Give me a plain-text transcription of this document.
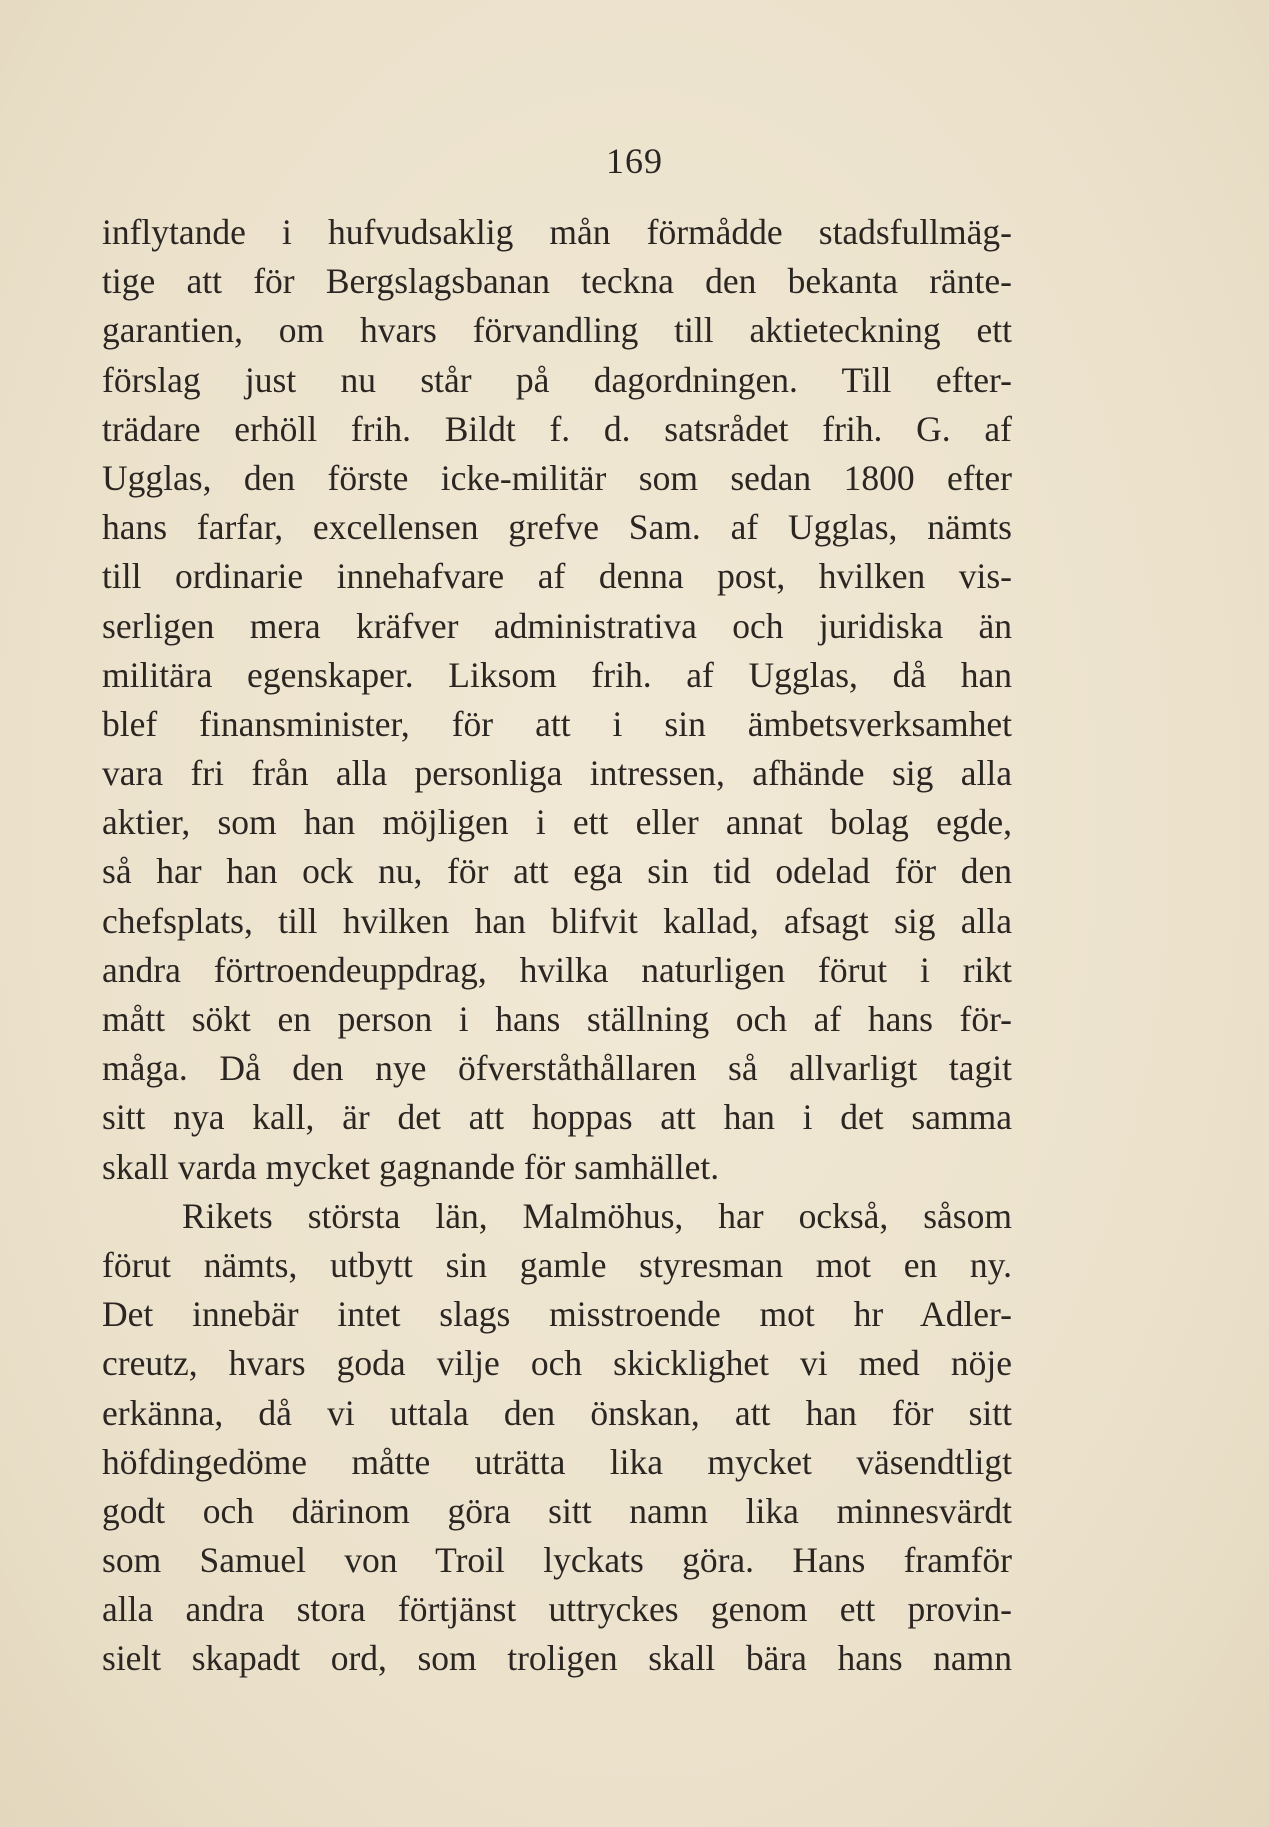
169
inflytande i hufvudsaklig mån förmådde stadsfullmäg-
tige att för Bergslagsbanan teckna den bekanta ränte-
garantien, om hvars förvandling till aktieteckning ett
förslag just nu står på dagordningen. Till efter-
trädare erhöll frih. Bildt f. d. satsrådet frih. G. af
Ugglas, den förste icke-militär som sedan 1800 efter
hans farfar, excellensen grefve Sam. af Ugglas, nämts
till ordinarie innehafvare af denna post, hvilken vis-
serligen mera kräfver administrativa och juridiska än
militära egenskaper. Liksom frih. af Ugglas, då han
blef finansminister, för att i sin ämbetsverksamhet
vara fri från alla personliga intressen, afhände sig alla
aktier, som han möjligen i ett eller annat bolag egde,
så har han ock nu, för att ega sin tid odelad för den
chefsplats, till hvilken han blifvit kallad, afsagt sig alla
andra förtroendeuppdrag, hvilka naturligen förut i rikt
mått sökt en person i hans ställning och af hans för-
måga. Då den nye öfverståthållaren så allvarligt tagit
sitt nya kall, är det att hoppas att han i det samma
skall varda mycket gagnande för samhället.
Rikets största län, Malmöhus, har också, såsom
förut nämts, utbytt sin gamle styresman mot en ny.
Det innebär intet slags misstroende mot hr Adler-
creutz, hvars goda vilje och skicklighet vi med nöje
erkänna, då vi uttala den önskan, att han för sitt
höfdingedöme måtte uträtta lika mycket väsendtligt
godt och därinom göra sitt namn lika minnesvärdt
som Samuel von Troil lyckats göra. Hans framför
alla andra stora förtjänst uttryckes genom ett provin-
sielt skapadt ord, som troligen skall bära hans namn
